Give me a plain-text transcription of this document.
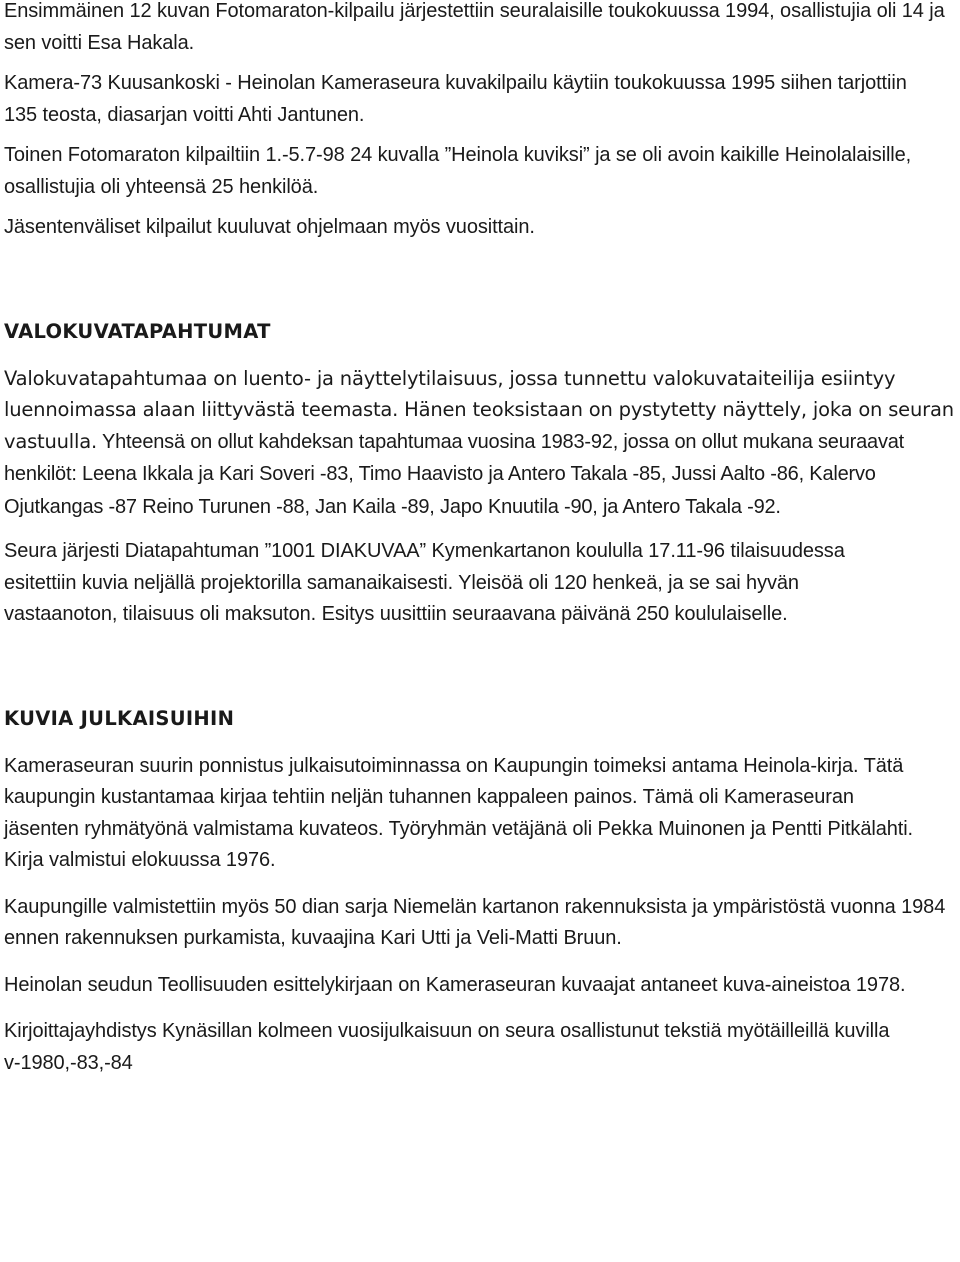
Ensimmäinen 12 kuvan Fotomaraton-kilpailu järjestettiin seuralaisille toukokuussa 1994, osallistujia oli 14 ja sen voitti Esa Hakala.

Kamera-73 Kuusankoski - Heinolan Kameraseura kuvakilpailu käytiin toukokuussa 1995 siihen tarjottiin 135 teosta, diasarjan voitti Ahti Jantunen.

Toinen Fotomaraton kilpailtiin 1.-5.7-98 24 kuvalla ”Heinola kuviksi” ja se oli avoin kaikille Heinolalaisille, osallistujia oli yhteensä 25 henkilöä.

Jäsentenväliset kilpailut kuuluvat ohjelmaan myös vuosittain.

VALOKUVATAPAHTUMAT

Valokuvatapahtumaa on luento- ja näyttelytilaisuus, jossa tunnettu valokuvataiteilija esiintyy luennoimassa alaan liittyvästä teemasta. Hänen teoksistaan on pystytetty näyttely, joka on seuran vastuulla. Yhteensä on ollut kahdeksan tapahtumaa vuosina 1983-92, jossa on ollut mukana seuraavat henkilöt: Leena Ikkala ja Kari Soveri -83, Timo Haavisto ja Antero Takala -85, Jussi Aalto -86, Kalervo Ojutkangas -87 Reino Turunen -88, Jan Kaila -89, Japo Knuutila -90, ja Antero Takala -92.

Seura järjesti Diatapahtuman ”1001 DIAKUVAA” Kymenkartanon koululla 17.11-96 tilaisuudessa esitettiin kuvia neljällä projektorilla samanaikaisesti. Yleisöä oli 120 henkeä, ja se sai hyvän vastaanoton, tilaisuus oli maksuton. Esitys uusittiin seuraavana päivänä 250 koululaiselle.

KUVIA JULKAISUIHIN

Kameraseuran suurin ponnistus julkaisutoiminnassa on Kaupungin toimeksi antama Heinola-kirja. Tätä kaupungin kustantamaa kirjaa tehtiin neljän tuhannen kappaleen painos. Tämä oli Kameraseuran jäsenten ryhmätyönä valmistama kuvateos. Työryhmän vetäjänä oli Pekka Muinonen ja Pentti Pitkälahti. Kirja valmistui elokuussa 1976.

Kaupungille valmistettiin myös 50 dian sarja Niemelän kartanon rakennuksista ja ympäristöstä vuonna 1984 ennen rakennuksen purkamista, kuvaajina Kari Utti ja Veli-Matti Bruun.

Heinolan seudun Teollisuuden esittelykirjaan on Kameraseuran kuvaajat antaneet kuva-aineistoa 1978.

Kirjoittajayhdistys Kynäsillan kolmeen vuosijulkaisuun on seura osallistunut tekstiä myötäilleillä kuvilla v-1980,-83,-84
